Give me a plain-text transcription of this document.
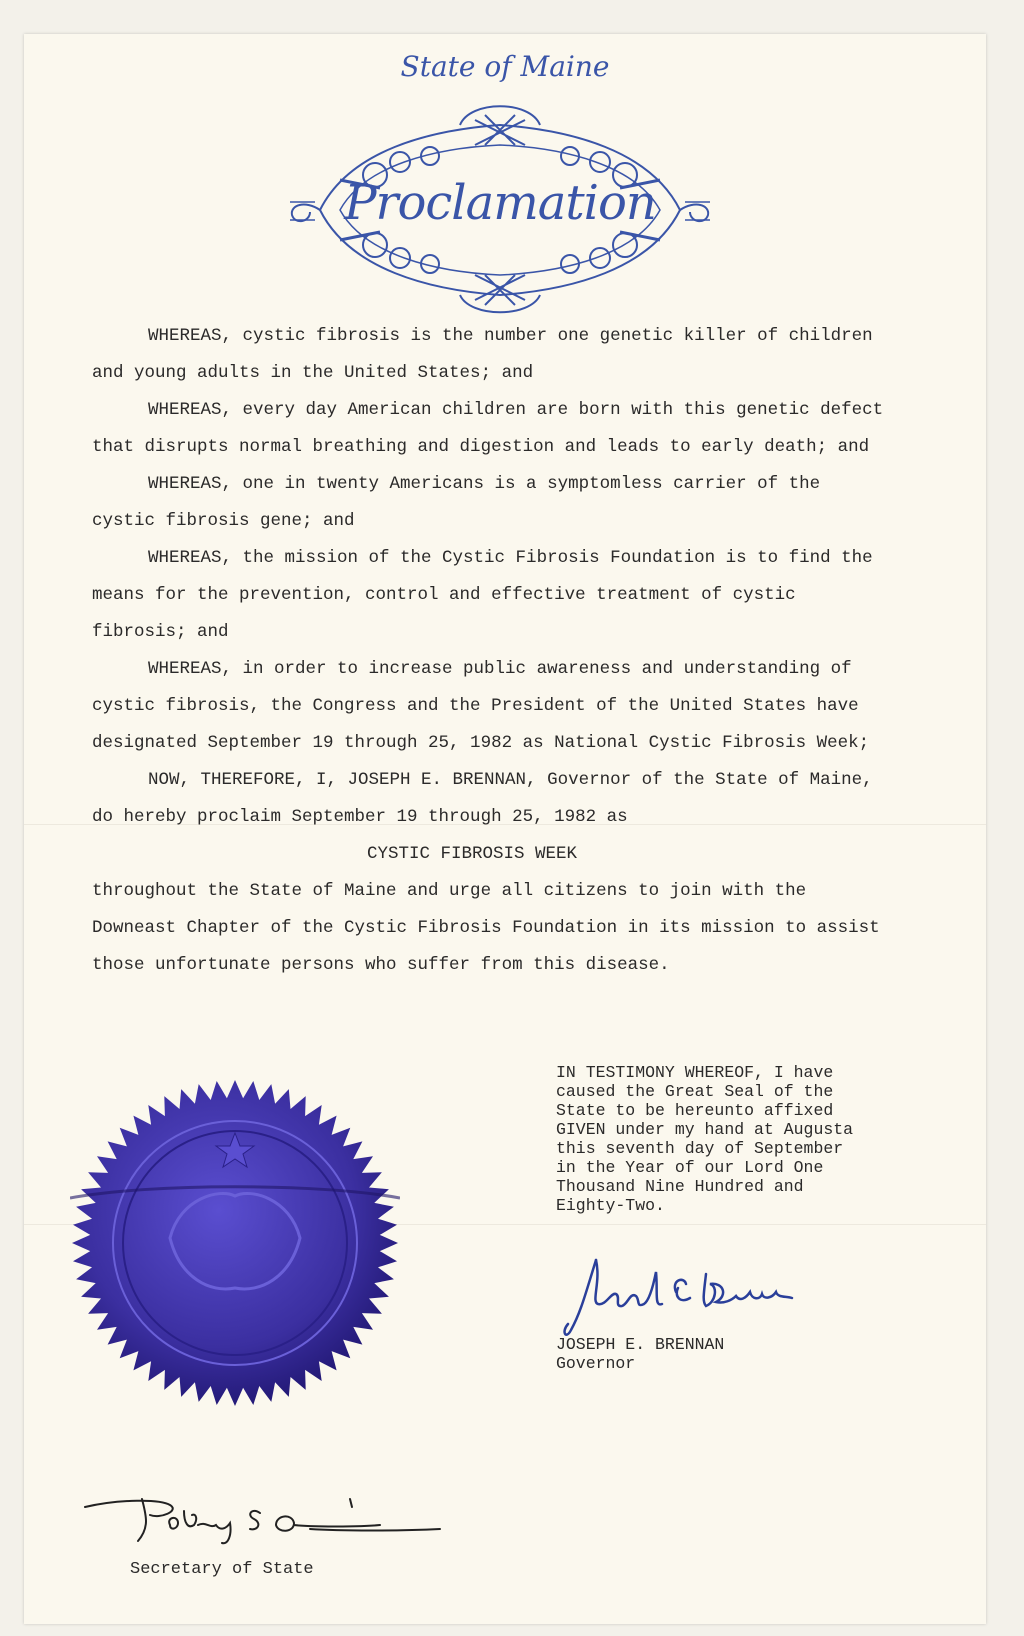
State of Maine
Proclamation

WHEREAS, cystic fibrosis is the number one genetic killer of children and young adults in the United States; and

WHEREAS, every day American children are born with this genetic defect that disrupts normal breathing and digestion and leads to early death; and

WHEREAS, one in twenty Americans is a symptomless carrier of the cystic fibrosis gene; and

WHEREAS, the mission of the Cystic Fibrosis Foundation is to find the means for the prevention, control and effective treatment of cystic fibrosis; and

WHEREAS, in order to increase public awareness and understanding of cystic fibrosis, the Congress and the President of the United States have designated September 19 through 25, 1982 as National Cystic Fibrosis Week;

NOW, THEREFORE, I, JOSEPH E. BRENNAN, Governor of the State of Maine, do hereby proclaim September 19 through 25, 1982 as

CYSTIC FIBROSIS WEEK

throughout the State of Maine and urge all citizens to join with the Downeast Chapter of the Cystic Fibrosis Foundation in its mission to assist those unfortunate persons who suffer from this disease.

IN TESTIMONY WHEREOF, I have
caused the Great Seal of the
State to be hereunto affixed
GIVEN under my hand at Augusta
this seventh day of September
in the Year of our Lord One
Thousand Nine Hundred and
Eighty-Two.
JOSEPH E. BRENNAN
Governor
Secretary of State
